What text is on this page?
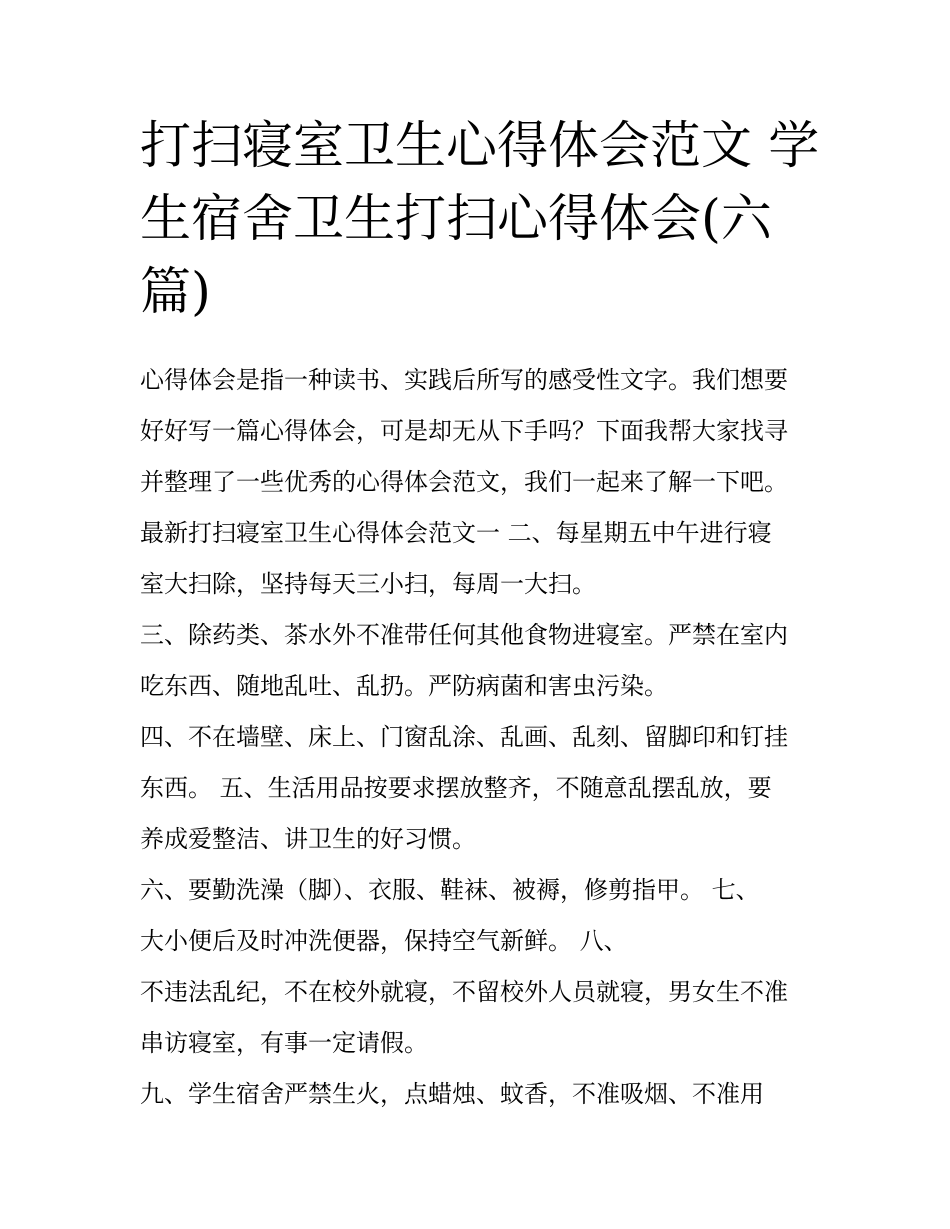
打扫寝室卫生心得体会范文 学
生宿舍卫生打扫心得体会(六
篇)
心得体会是指一种读书、实践后所写的感受性文字。我们想要
好好写一篇心得体会，可是却无从下手吗？下面我帮大家找寻
并整理了一些优秀的心得体会范文，我们一起来了解一下吧。
最新打扫寝室卫生心得体会范文一 二、每星期五中午进行寝
室大扫除，坚持每天三小扫，每周一大扫。
三、除药类、茶水外不准带任何其他食物进寝室。严禁在室内
吃东西、随地乱吐、乱扔。严防病菌和害虫污染。
四、不在墙壁、床上、门窗乱涂、乱画、乱刻、留脚印和钉挂
东西。 五、生活用品按要求摆放整齐，不随意乱摆乱放，要
养成爱整洁、讲卫生的好习惯。
六、要勤洗澡（脚）、衣服、鞋袜、被褥，修剪指甲。 七、
大小便后及时冲洗便器，保持空气新鲜。 八、
不违法乱纪，不在校外就寝，不留校外人员就寝，男女生不准
串访寝室，有事一定请假。
九、学生宿舍严禁生火，点蜡烛、蚊香，不准吸烟、不准用
